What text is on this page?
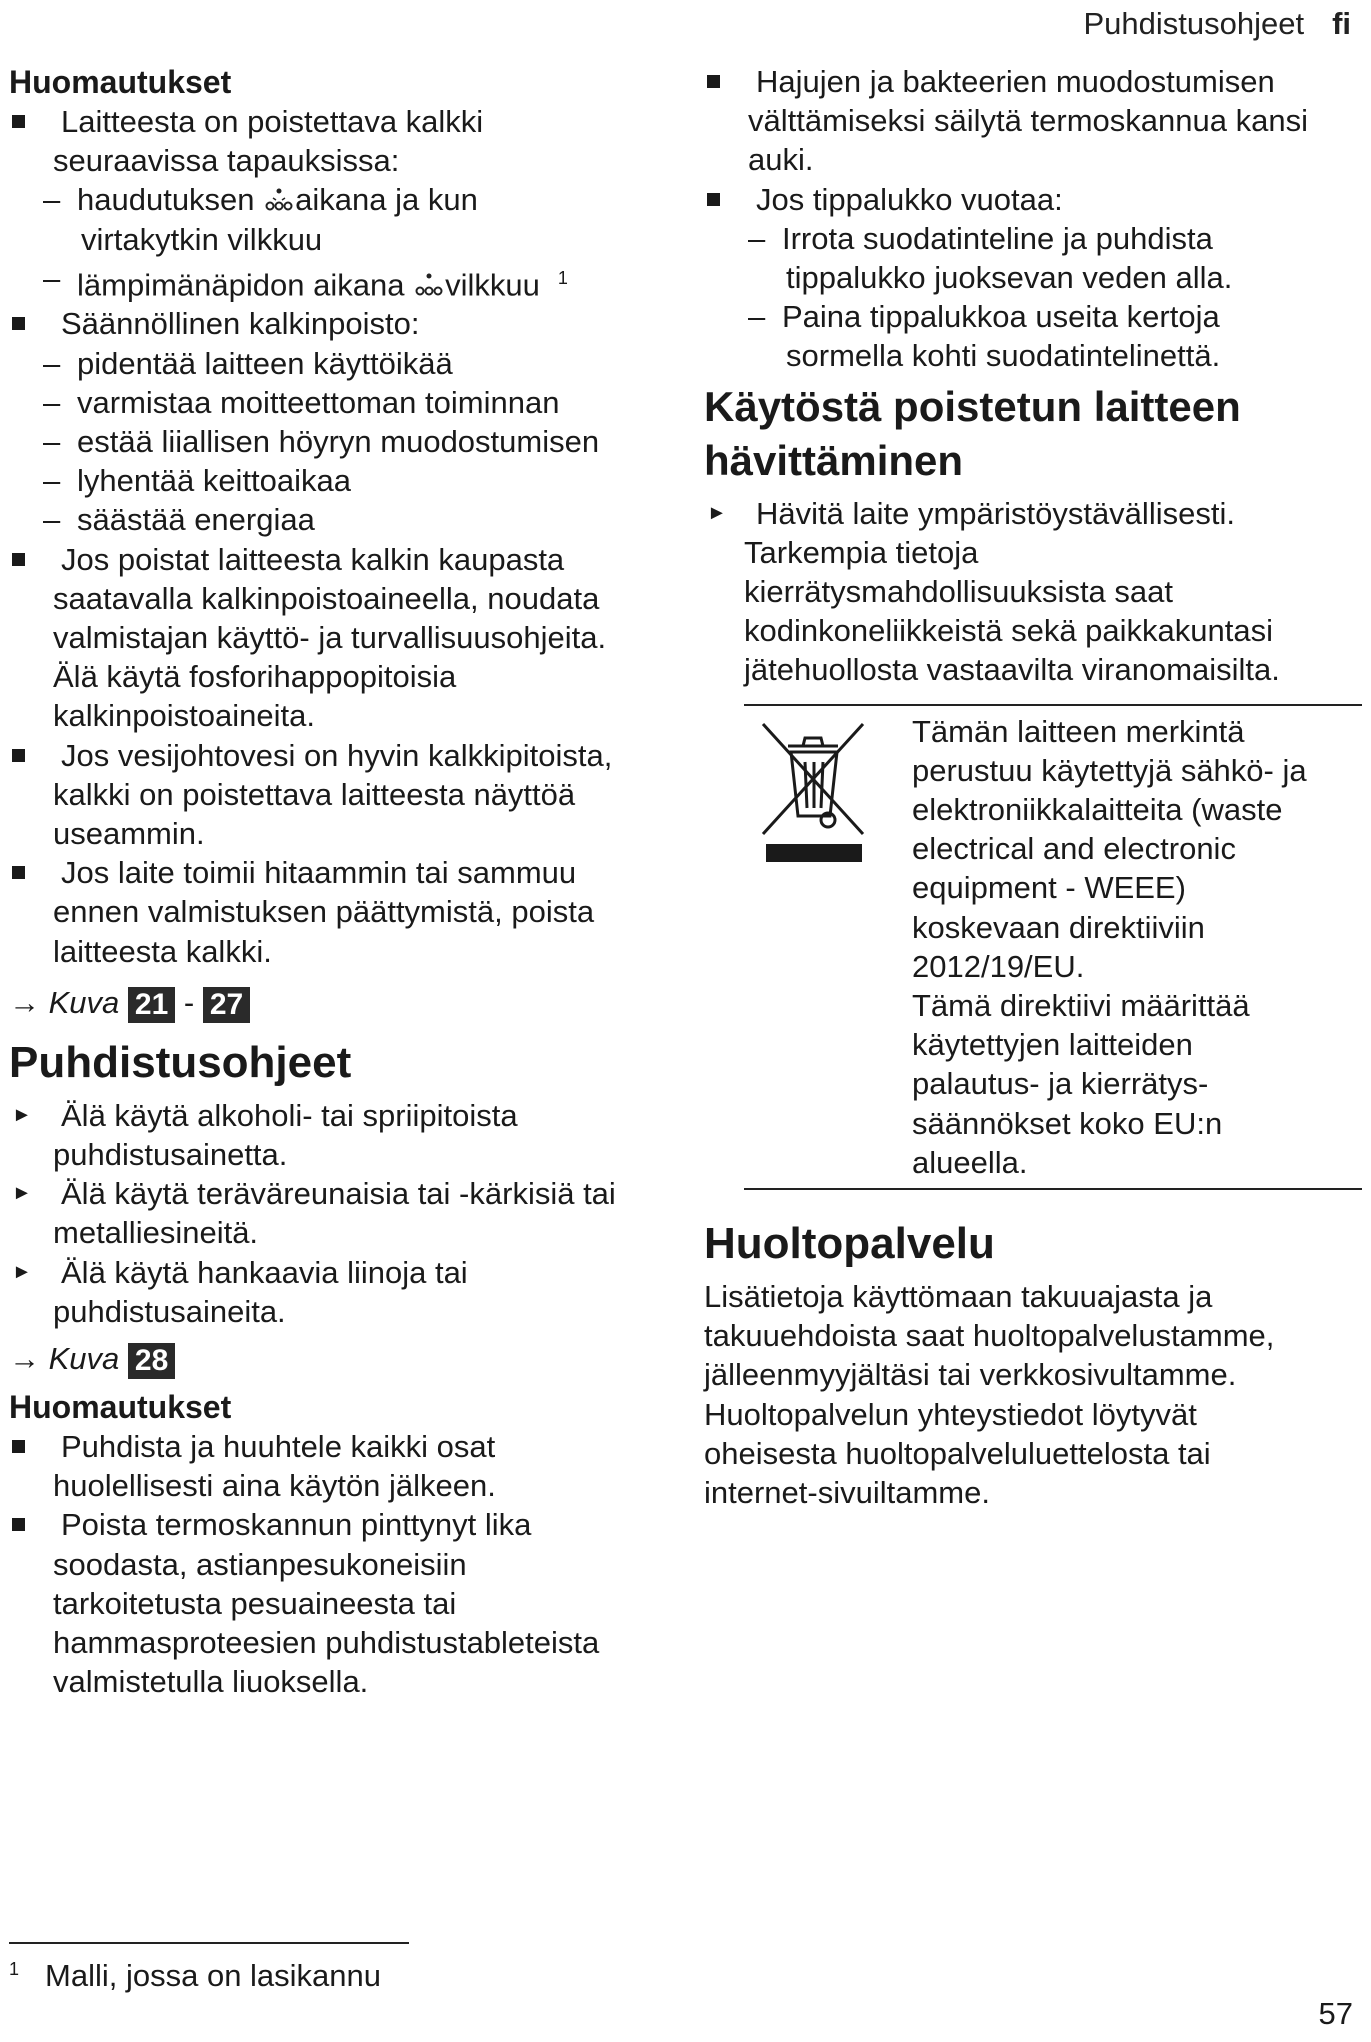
Puhdistusohjeet fi

Huomautukset

Laitteesta on poistettava kalkki
seuraavissa tapauksissa:
– haudutuksen aikana ja kun
virtakytkin vilkkuu
– lämpimänäpidon aikana vilkkuu $^1$
Säännöllinen kalkinpoisto:
– pidentää laitteen käyttöikää
– varmistaa moitteettoman toiminnan
– estää liiallisen höyryn muodostumisen
– lyhentää keittoaikaa
– säästää energiaa
Jos poistat laitteesta kalkin kaupasta
saatavalla kalkinpoistoaineella, noudata
valmistajan käyttö- ja turvallisuusohjeita.
Älä käytä fosforihappopitoisia
kalkinpoistoaineita.
Jos vesijohtovesi on hyvin kalkkipitoista,
kalkki on poistettava laitteesta näyttöä
useammin.
Jos laite toimii hitaammin tai sammuu
ennen valmistuksen päättymistä, poista
laitteesta kalkki.

→ Kuva 21 - 27

Puhdistusohjeet
► Älä käytä alkoholi- tai spriipitoista
puhdistusainetta.
► Älä käytä teräväreunaisia tai -kärkisiä tai
metalliesineitä.
► Älä käytä hankaavia liinoja tai
puhdistusaineita.

→ Kuva 28

Huomautukset

Puhdista ja huuhtele kaikki osat
huolellisesti aina käytön jälkeen.
Poista termoskannun pinttynyt lika
soodasta, astianpesukoneisiin
tarkoitetusta pesuaineesta tai
hammasproteesien puhdistustableteista
valmistetulla liuoksella.
Hajujen ja bakteerien muodostumisen
välttämiseksi säilytä termoskannua kansi
auki.
Jos tippalukko vuotaa:
– Irrota suodatinteline ja puhdista
tippalukko juoksevan veden alla.
– Paina tippalukkoa useita kertoja
sormella kohti suodatintelinettä.
Käytöstä poistetun laitteen
hävittäminen
► Hävitä laite ympäristöystävällisesti.
Tarkempia tietoja
kierrätysmahdollisuuksista saat
kodinkoneliikkeistä sekä paikkakuntasi
jätehuollosta vastaavilta viranomaisilta.
Tämän laitteen merkintä
perustuu käytettyjä sähkö- ja
elektroniikkalaitteita (waste
electrical and electronic
equipment - WEEE)
koskevaan direktiiviin
2012/19/EU.
Tämä direktiivi määrittää
käytettyjen laitteiden
palautus- ja kierrätys-
säännökset koko EU:n
alueella.
Huoltopalvelu
Lisätietoja käyttömaan takuuajasta ja
takuuehdoista saat huoltopalvelustamme,
jälleenmyyjältäsi tai verkkosivultamme.
Huoltopalvelun yhteystiedot löytyvät
oheisesta huoltopalveluluettelosta tai
internet-sivuiltamme.
$^1$ Malli, jossa on lasikannu
57
